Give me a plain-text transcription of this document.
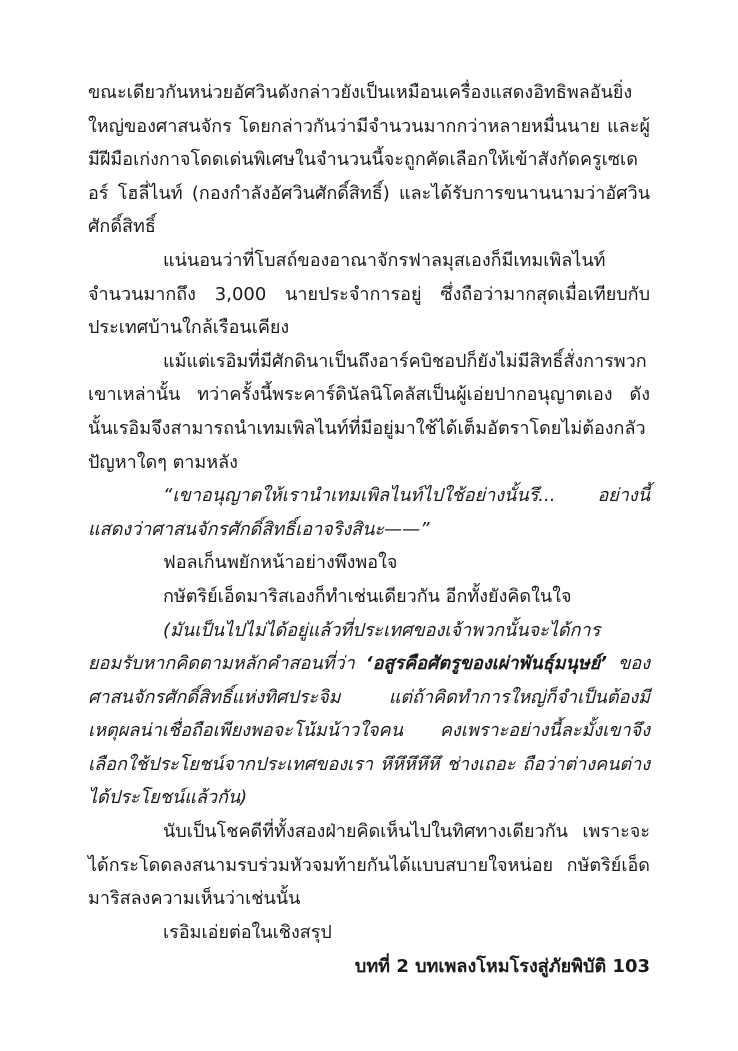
ขณะเดียวกันหน่วยอัศวินดังกล่าวยังเป็นเหมือนเครื่องแสดงอิทธิพลอันยิ่งใหญ่ของศาสนจักร โดยกล่าวกันว่ามีจำนวนมากกว่าหลายหมื่นนาย และผู้มีฝีมือเก่งกาจโดดเด่นพิเศษในจำนวนนี้จะถูกคัดเลือกให้เข้าสังกัดครูเซเดอร์ โฮลี่ไนท์ (กองกำลังอัศวินศักดิ์สิทธิ์) และได้รับการขนานนามว่าอัศวินศักดิ์สิทธิ์

แน่นอนว่าที่โบสถ์ของอาณาจักรฟาลมุสเองก็มีเทมเพิลไนท์จำนวนมากถึง 3,000 นายประจำการอยู่ ซึ่งถือว่ามากสุดเมื่อเทียบกับประเทศบ้านใกล้เรือนเคียง

แม้แต่เรอิมที่มีศักดินาเป็นถึงอาร์คบิชอปก็ยังไม่มีสิทธิ์สั่งการพวกเขาเหล่านั้น ทว่าครั้งนี้พระคาร์ดินัลนิโคลัสเป็นผู้เอ่ยปากอนุญาตเอง ดังนั้นเรอิมจึงสามารถนำเทมเพิลไนท์ที่มีอยู่มาใช้ได้เต็มอัตราโดยไม่ต้องกลัวปัญหาใดๆ ตามหลัง

“เขาอนุญาตให้เรานำเทมเพิลไนท์ไปใช้อย่างนั้นรึ... อย่างนี้แสดงว่าศาสนจักรศักดิ์สิทธิ์เอาจริงสินะ——”

ฟอลเก็นพยักหน้าอย่างพึงพอใจ

กษัตริย์เอ็ดมาริสเองก็ทำเช่นเดียวกัน อีกทั้งยังคิดในใจ

(มันเป็นไปไม่ได้อยู่แล้วที่ประเทศของเจ้าพวกนั้นจะได้การยอมรับหากคิดตามหลักคำสอนที่ว่า ‘อสูรคือศัตรูของเผ่าพันธุ์มนุษย์’ ของศาสนจักรศักดิ์สิทธิ์แห่งทิศประจิม แต่ถ้าคิดทำการใหญ่ก็จำเป็นต้องมีเหตุผลน่าเชื่อถือเพียงพอจะโน้มน้าวใจคน คงเพราะอย่างนี้ละมั้งเขาจึงเลือกใช้ประโยชน์จากประเทศของเรา หึหึหึหึหึ ช่างเถอะ ถือว่าต่างคนต่างได้ประโยชน์แล้วกัน)

นับเป็นโชคดีที่ทั้งสองฝ่ายคิดเห็นไปในทิศทางเดียวกัน เพราะจะได้กระโดดลงสนามรบร่วมหัวจมท้ายกันได้แบบสบายใจหน่อย กษัตริย์เอ็ดมาริสลงความเห็นว่าเช่นนั้น

เรอิมเอ่ยต่อในเชิงสรุป

บทที่ 2 บทเพลงโหมโรงสู่ภัยพิบัติ 103
